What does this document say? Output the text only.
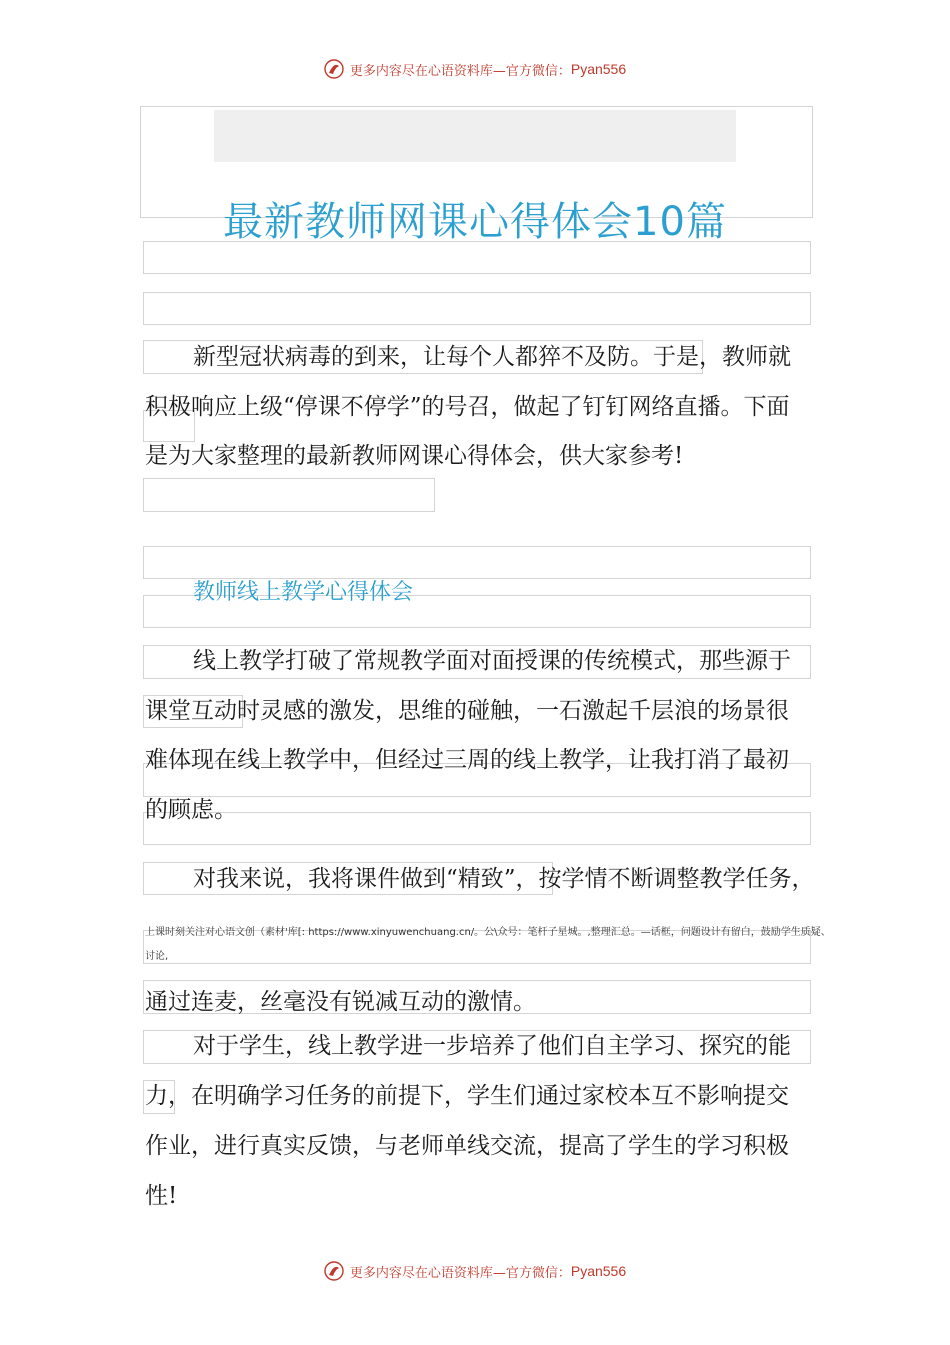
更多内容尽在心语资料库—官方微信： Pyan556
最新教师网课心得体会10篇
新型冠状病毒的到来，让每个人都猝不及防。于是，教师就
积极响应上级“停课不停学”的号召，做起了钉钉网络直播。下面
是为大家整理的最新教师网课心得体会，供大家参考!
教师线上教学心得体会
线上教学打破了常规教学面对面授课的传统模式，那些源于
课堂互动时灵感的激发，思维的碰触，一石激起千层浪的场景很
难体现在线上教学中，但经过三周的线上教学，让我打消了最初
的顾虑。
对我来说，我将课件做到“精致”，按学情不断调整教学任务，
上课时刻关注对心语文创（素材'库[: https://www.xinyuwenchuang.cn/。公\众号：笔杆子星城。,整理汇总。—话框，问题设计有留白，鼓励学生质疑、
讨论,
通过连麦，丝毫没有锐减互动的激情。
对于学生，线上教学进一步培养了他们自主学习、探究的能
力，在明确学习任务的前提下，学生们通过家校本互不影响提交
作业，进行真实反馈，与老师单线交流，提高了学生的学习积极
性!
更多内容尽在心语资料库—官方微信： Pyan556
